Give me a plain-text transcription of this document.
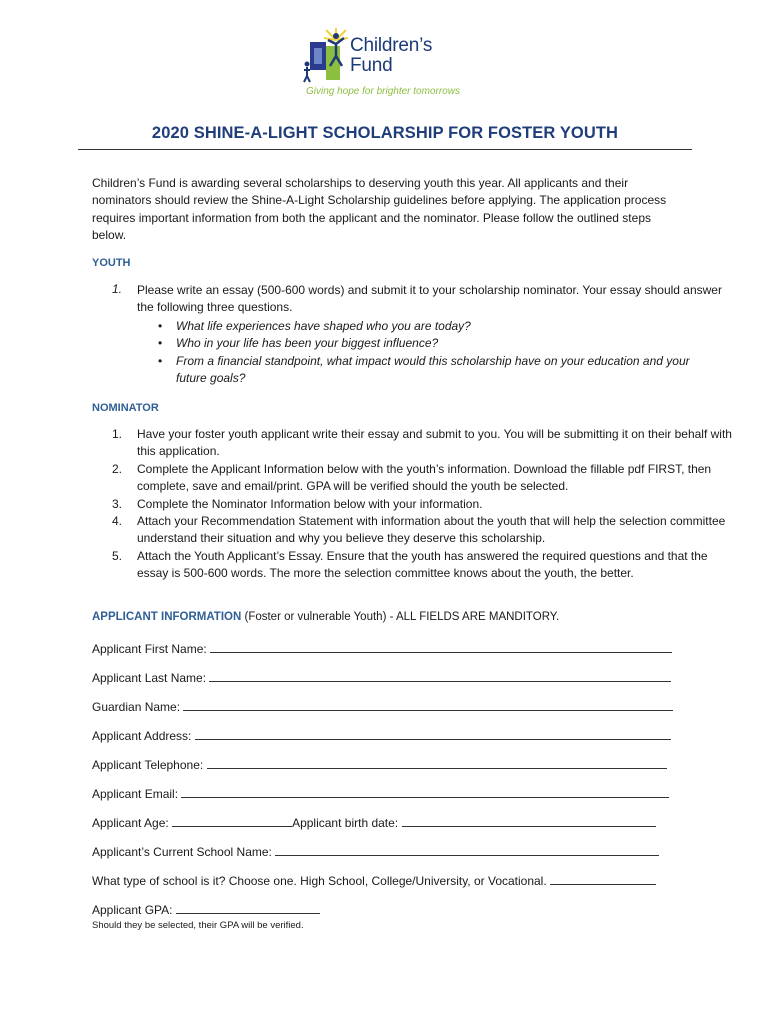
Children’s
Fund
Giving hope for brighter tomorrows
2020 SHINE-A-LIGHT SCHOLARSHIP FOR FOSTER YOUTH
Children’s Fund is awarding several scholarships to deserving youth this year. All applicants and their nominators should review the Shine-A-Light Scholarship guidelines before applying. The application process requires important information from both the applicant and the nominator. Please follow the outlined steps below.
YOUTH
1. Please write an essay (500-600 words) and submit it to your scholarship nominator. Your essay should answer the following three questions.
• What life experiences have shaped who you are today?
• Who in your life has been your biggest influence?
• From a financial standpoint, what impact would this scholarship have on your education and your future goals?
NOMINATOR
1. Have your foster youth applicant write their essay and submit to you. You will be submitting it on their behalf with this application.
2. Complete the Applicant Information below with the youth’s information. Download the fillable pdf FIRST, then complete, save and email/print. GPA will be verified should the youth be selected.
3. Complete the Nominator Information below with your information.
4. Attach your Recommendation Statement with information about the youth that will help the selection committee understand their situation and why you believe they deserve this scholarship.
5. Attach the Youth Applicant’s Essay. Ensure that the youth has answered the required questions and that the essay is 500-600 words. The more the selection committee knows about the youth, the better.
APPLICANT INFORMATION (Foster or vulnerable Youth) - ALL FIELDS ARE MANDITORY.
Applicant First Name:
Applicant Last Name:
Guardian Name:
Applicant Address:
Applicant Telephone:
Applicant Email:
Applicant Age:	Applicant birth date:
Applicant’s Current School Name:
What type of school is it? Choose one. High School, College/University, or Vocational.
Applicant GPA:
Should they be selected, their GPA will be verified.
